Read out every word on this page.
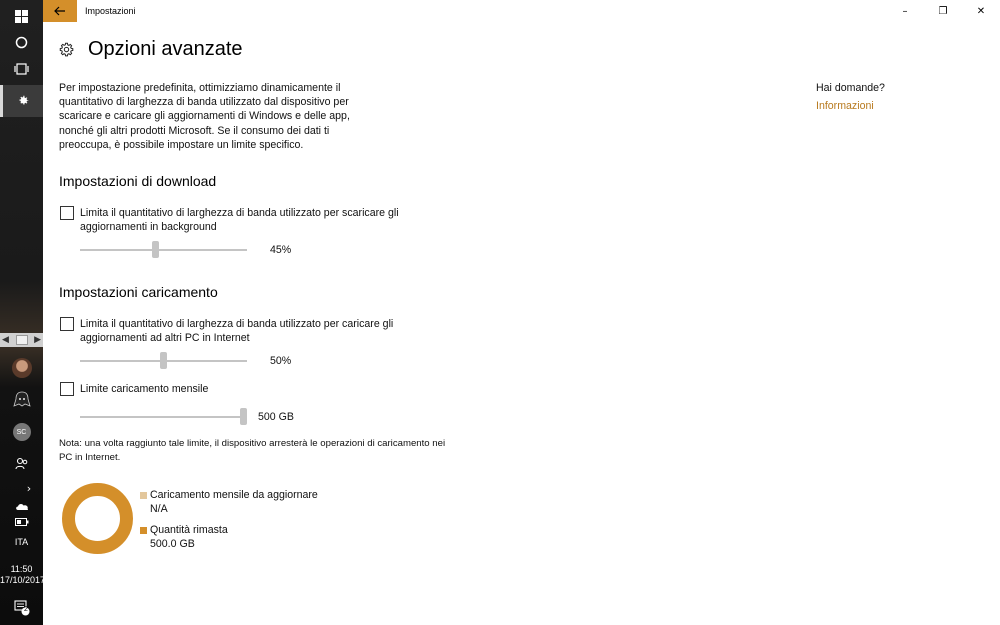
◀	▶
SC
›
ITA
11:50
17/10/2017
2
Impostazioni	–	❐	✕
Opzioni avanzate

Per impostazione predefinita, ottimizziamo dinamicamente il quantitativo di larghezza di banda utilizzato dal dispositivo per scaricare e caricare gli aggiornamenti di Windows e delle app, nonché gli altri prodotti Microsoft. Se il consumo dei dati ti preoccupa, è possibile impostare un limite specifico.

Impostazioni di download
Limita il quantitativo di larghezza di banda utilizzato per scaricare gli aggiornamenti in background
45%
Impostazioni caricamento
Limita il quantitativo di larghezza di banda utilizzato per caricare gli aggiornamenti ad altri PC in Internet
50%
Limite caricamento mensile
500 GB

Nota: una volta raggiunto tale limite, il dispositivo arresterà le operazioni di caricamento nei PC in Internet.

Caricamento mensile da aggiornare
N/A
Quantità rimasta
500.0 GB
Hai domande?
Informazioni
